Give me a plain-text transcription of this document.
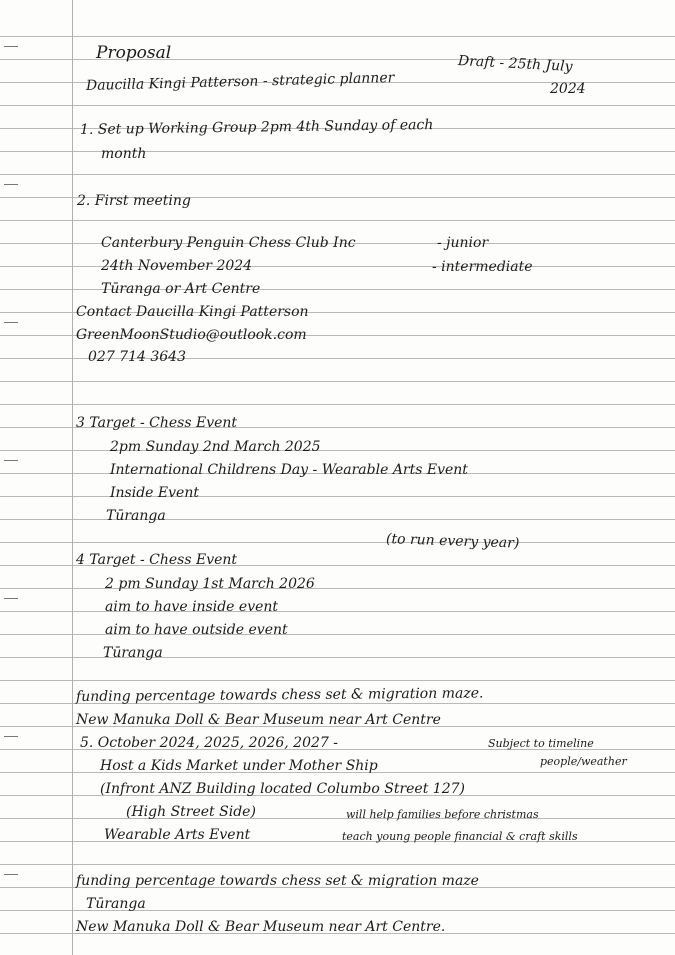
Proposal
Draft - 25th July
Daucilla Kingi Patterson - strategic planner	2024
1. Set up Working Group 2pm 4th Sunday of each
month
2. First meeting
Canterbury Penguin Chess Club Inc	- junior
24th November 2024	- intermediate
Tūranga or Art Centre
Contact Daucilla Kingi Patterson
GreenMoonStudio@outlook.com
027 714 3643
3 Target - Chess Event
2pm Sunday 2nd March 2025
International Childrens Day - Wearable Arts Event
Inside Event
Tūranga
(to run every year)
4 Target - Chess Event
2 pm Sunday 1st March 2026
aim to have inside event
aim to have outside event
Tūranga
funding percentage towards chess set & migration maze.
New Manuka Doll & Bear Museum near Art Centre
5. October 2024, 2025, 2026, 2027 -	Subject to timeline
people/weather
Host a Kids Market under Mother Ship
(Infront ANZ Building located Columbo Street 127)
(High Street Side)	will help families before christmas
Wearable Arts Event	teach young people financial & craft skills
funding percentage towards chess set & migration maze
Tūranga
New Manuka Doll & Bear Museum near Art Centre.
